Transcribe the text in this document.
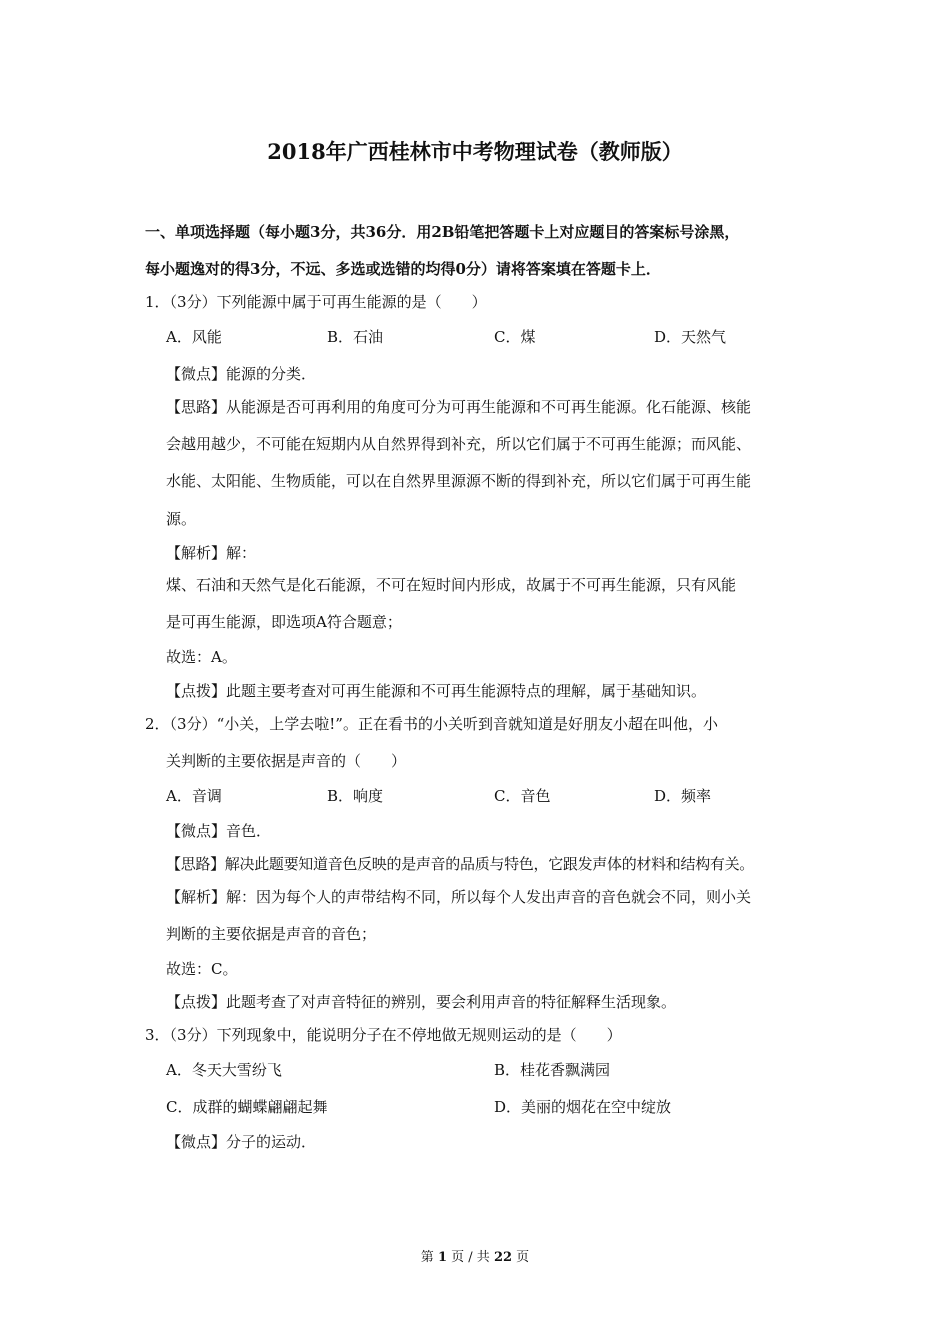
2018年广西桂林市中考物理试卷（教师版）
一、单项选择题（每小题3分，共36分．用2B铅笔把答题卡上对应题目的答案标号涂黑，
每小题逸对的得3分，不远、多选或选错的均得0分）请将答案填在答题卡上．
1．（3分）下列能源中属于可再生能源的是（　　）
A．风能	B．石油	C．煤	D．天然气
【微点】能源的分类．
【思路】从能源是否可再利用的角度可分为可再生能源和不可再生能源。化石能源、核能
会越用越少，不可能在短期内从自然界得到补充，所以它们属于不可再生能源；而风能、
水能、太阳能、生物质能，可以在自然界里源源不断的得到补充，所以它们属于可再生能
源。
【解析】解：
煤、石油和天然气是化石能源，不可在短时间内形成，故属于不可再生能源，只有风能
是可再生能源，即选项A符合题意；
故选：A。
【点拨】此题主要考查对可再生能源和不可再生能源特点的理解，属于基础知识。
2．（3分）“小关，上学去啦!”。正在看书的小关听到音就知道是好朋友小超在叫他，小
关判断的主要依据是声音的（　　）
A．音调	B．响度	C．音色	D．频率
【微点】音色．
【思路】解决此题要知道音色反映的是声音的品质与特色，它跟发声体的材料和结构有关。
【解析】解：因为每个人的声带结构不同，所以每个人发出声音的音色就会不同，则小关
判断的主要依据是声音的音色；
故选：C。
【点拨】此题考查了对声音特征的辨别，要会利用声音的特征解释生活现象。
3．（3分）下列现象中，能说明分子在不停地做无规则运动的是（　　）
A．冬天大雪纷飞	B．桂花香飘满园
C．成群的蝴蝶翩翩起舞	D．美丽的烟花在空中绽放
【微点】分子的运动．
第 1 页 / 共 22 页
